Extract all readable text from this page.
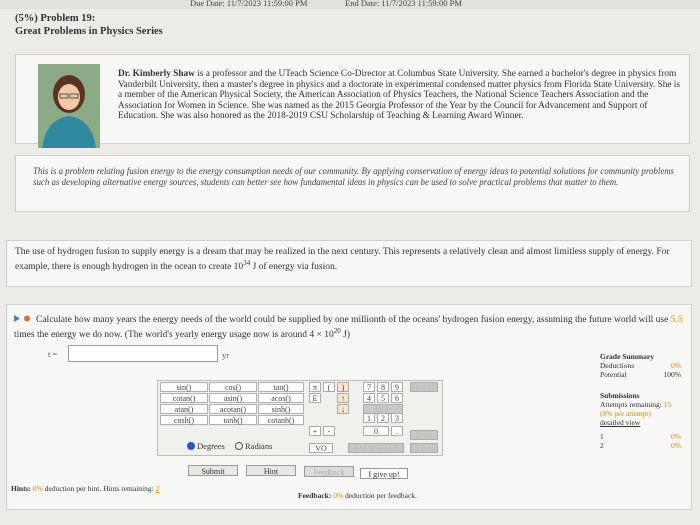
Due Date: 11/7/2023 11:59:00 PM	End Date: 11/7/2023 11:59:00 PM
(5%) Problem 19:
Great Problems in Physics Series
Dr. Kimberly Shaw is a professor and the UTeach Science Co-Director at Columbus State University. She earned a bachelor's degree in physics from Vanderbilt University, then a master's degree in physics and a doctorate in experimental condensed matter physics from Florida State University. She is a member of the American Physical Society, the American Association of Physics Teachers, the National Science Teachers Association and the Association for Women in Science. She was named as the 2015 Georgia Professor of the Year by the Council for Advancement and Support of Education. She was also honored as the 2018-2019 CSU Scholarship of Teaching & Learning Award Winner.
This is a problem relating fusion energy to the energy consumption needs of our community. By applying conservation of energy ideas to potential solutions for community problems such as developing alternative energy sources, students can better see how fundamental ideas in physics can be used to solve practical problems that matter to them.
The use of hydrogen fusion to supply energy is a dream that may be realized in the next century. This represents a relatively clean and almost limitless supply of energy. For example, there is enough hydrogen in the ocean to create $10^{34}$ J of energy via fusion.
Calculate how many years the energy needs of the world could be supplied by one millionth of the oceans' hydrogen fusion energy, assuming the future world will use 5.5 times the energy we do now. (The world's yearly energy usage now is around $4 \times 10^{20}$ J)
t =	yr
sin()	cos()	tan()
cotan()	asin()	acos()
atan()	acotan()	sinh()
cosh()	tanh()	cotanh()
π	(	)
E	↑
↓
+	-
VO
7	8	9
4	5	6
1	2	3
0	.
HOME
END
BACKSPACE	CLEAR
DEL
Degrees	Radians
Submit	Hint	Feedback	I give up!
Grade Summary
Deductions	0%
Potential	100%
Submissions
Attempts remaining: 15
(0% per attempt)
detailed view
1	0%
2	0%
Hints: 0% deduction per hint. Hints remaining: 2
Feedback: 0% deduction per feedback.
